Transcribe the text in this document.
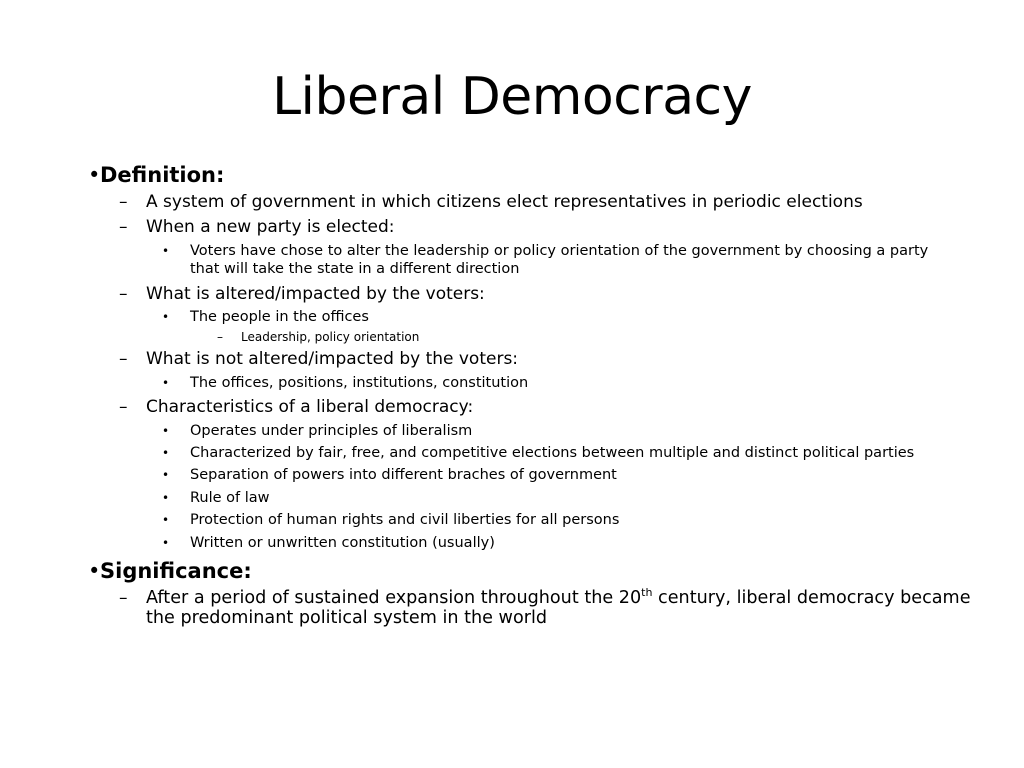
Liberal Democracy
• Definition:
– A system of government in which citizens elect representatives in periodic elections
– When a new party is elected:
• Voters have chose to alter the leadership or policy orientation of the government by choosing a party that will take the state in a different direction
– What is altered/impacted by the voters:
• The people in the offices
– Leadership, policy orientation
– What is not altered/impacted by the voters:
• The offices, positions, institutions, constitution
– Characteristics of a liberal democracy:
• Operates under principles of liberalism
• Characterized by fair, free, and competitive elections between multiple and distinct political parties
• Separation of powers into different braches of government
• Rule of law
• Protection of human rights and civil liberties for all persons
• Written or unwritten constitution (usually)
• Significance:
– After a period of sustained expansion throughout the 20th century, liberal democracy became
the predominant political system in the world
